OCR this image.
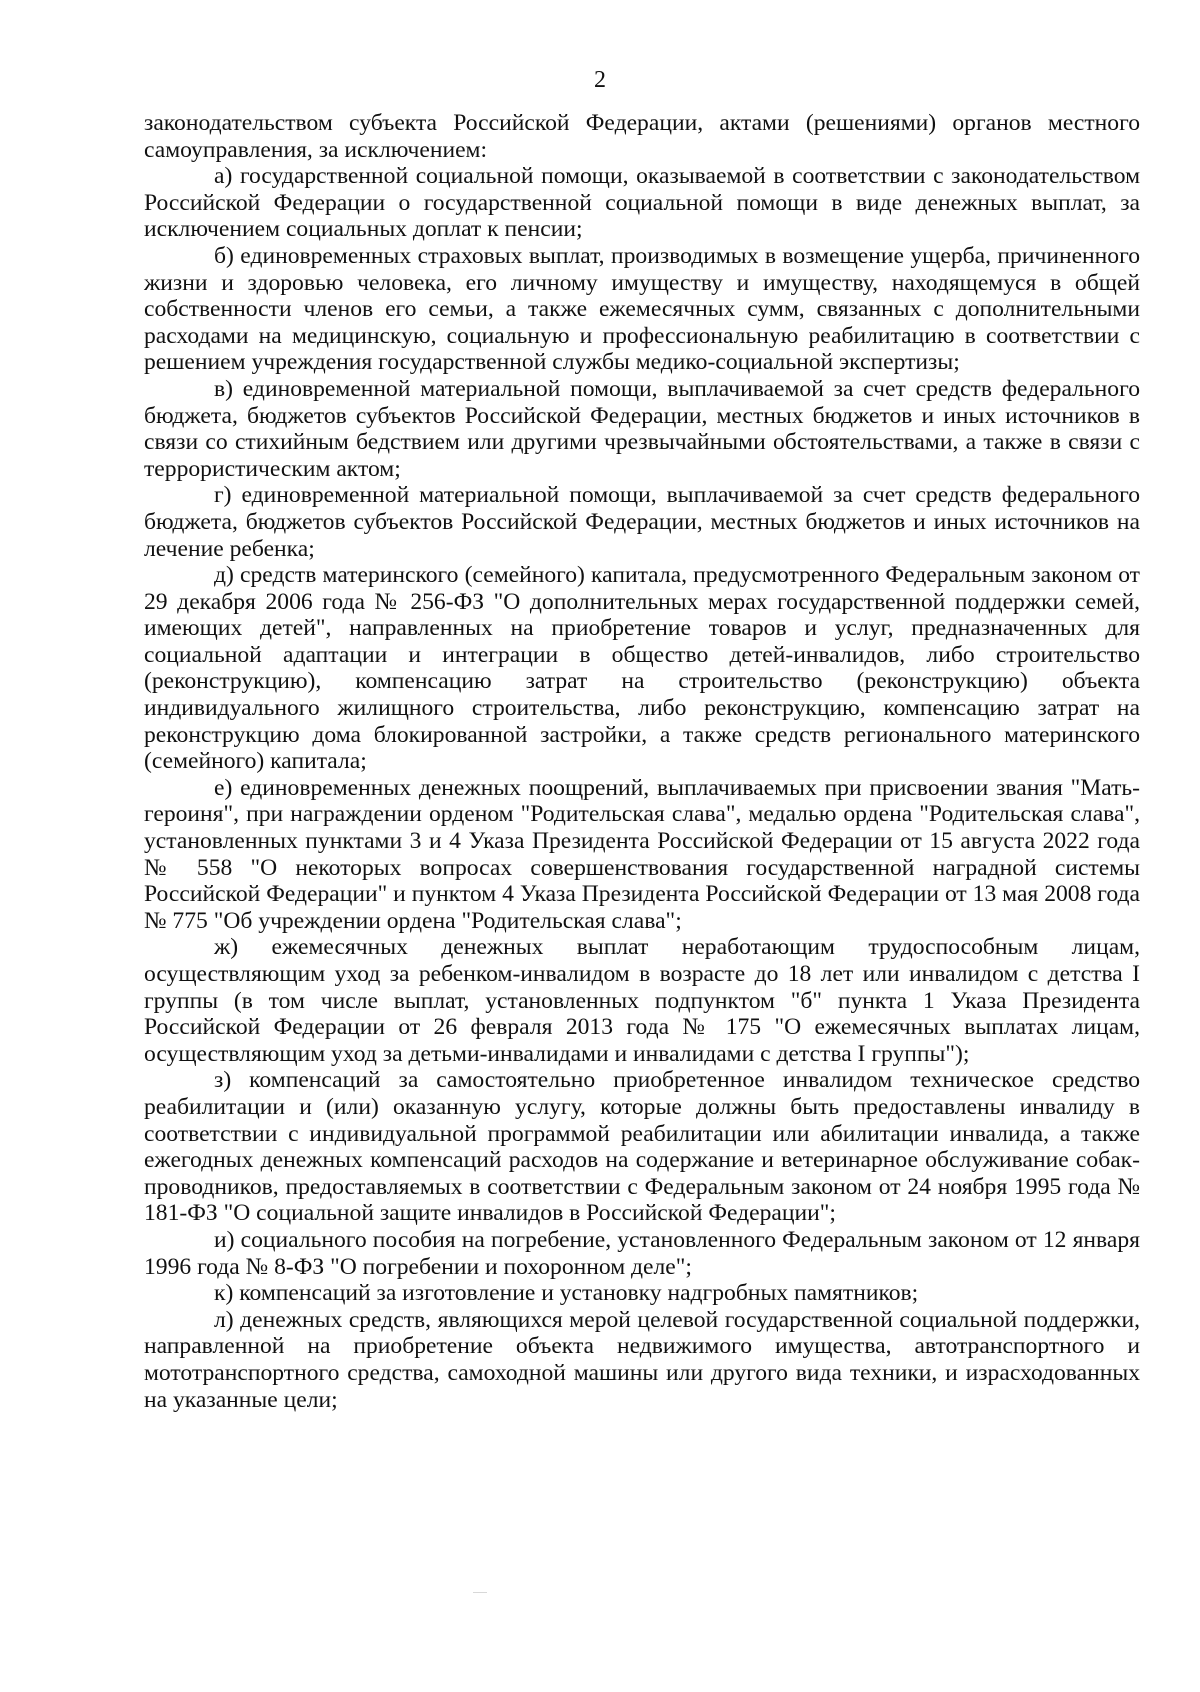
2

законодательством субъекта Российской Федерации, актами (решениями) органов местного самоуправления, за исключением:

а) государственной социальной помощи, оказываемой в соответствии с законодательством Российской Федерации о государственной социальной помощи в виде денежных выплат, за исключением социальных доплат к пенсии;

б) единовременных страховых выплат, производимых в возмещение ущерба, причиненного жизни и здоровью человека, его личному имуществу и имуществу, находящемуся в общей собственности членов его семьи, а также ежемесячных сумм, связанных с дополнительными расходами на медицинскую, социальную и профессиональную реабилитацию в соответствии с решением учреждения государственной службы медико-социальной экспертизы;

в) единовременной материальной помощи, выплачиваемой за счет средств федерального бюджета, бюджетов субъектов Российской Федерации, местных бюджетов и иных источников в связи со стихийным бедствием или другими чрезвычайными обстоятельствами, а также в связи с террористическим актом;

г) единовременной материальной помощи, выплачиваемой за счет средств федерального бюджета, бюджетов субъектов Российской Федерации, местных бюджетов и иных источников на лечение ребенка;

д) средств материнского (семейного) капитала, предусмотренного Федеральным законом от 29 декабря 2006 года № 256-ФЗ "О дополнительных мерах государственной поддержки семей, имеющих детей", направленных на приобретение товаров и услуг, предназначенных для социальной адаптации и интеграции в общество детей-инвалидов, либо строительство (реконструкцию), компенсацию затрат на строительство (реконструкцию) объекта индивидуального жилищного строительства, либо реконструкцию, компенсацию затрат на реконструкцию дома блокированной застройки, а также средств регионального материнского (семейного) капитала;

е) единовременных денежных поощрений, выплачиваемых при присвоении звания "Мать-героиня", при награждении орденом "Родительская слава", медалью ордена "Родительская слава", установленных пунктами 3 и 4 Указа Президента Российской Федерации от 15 августа 2022 года № 558 "О некоторых вопросах совершенствования государственной наградной системы Российской Федерации" и пунктом 4 Указа Президента Российской Федерации от 13 мая 2008 года № 775 "Об учреждении ордена "Родительская слава";

ж) ежемесячных денежных выплат неработающим трудоспособным лицам, осуществляющим уход за ребенком-инвалидом в возрасте до 18 лет или инвалидом с детства I группы (в том числе выплат, установленных подпунктом "б" пункта 1 Указа Президента Российской Федерации от 26 февраля 2013 года № 175 "О ежемесячных выплатах лицам, осуществляющим уход за детьми-инвалидами и инвалидами с детства I группы");

з) компенсаций за самостоятельно приобретенное инвалидом техническое средство реабилитации и (или) оказанную услугу, которые должны быть предоставлены инвалиду в соответствии с индивидуальной программой реабилитации или абилитации инвалида, а также ежегодных денежных компенсаций расходов на содержание и ветеринарное обслуживание собак-проводников, предоставляемых в соответствии с Федеральным законом от 24 ноября 1995 года № 181-ФЗ "О социальной защите инвалидов в Российской Федерации";

и) социального пособия на погребение, установленного Федеральным законом от 12 января 1996 года № 8-ФЗ "О погребении и похоронном деле";

к) компенсаций за изготовление и установку надгробных памятников;

л) денежных средств, являющихся мерой целевой государственной социальной поддержки, направленной на приобретение объекта недвижимого имущества, автотранспортного и мототранспортного средства, самоходной машины или другого вида техники, и израсходованных на указанные цели;
